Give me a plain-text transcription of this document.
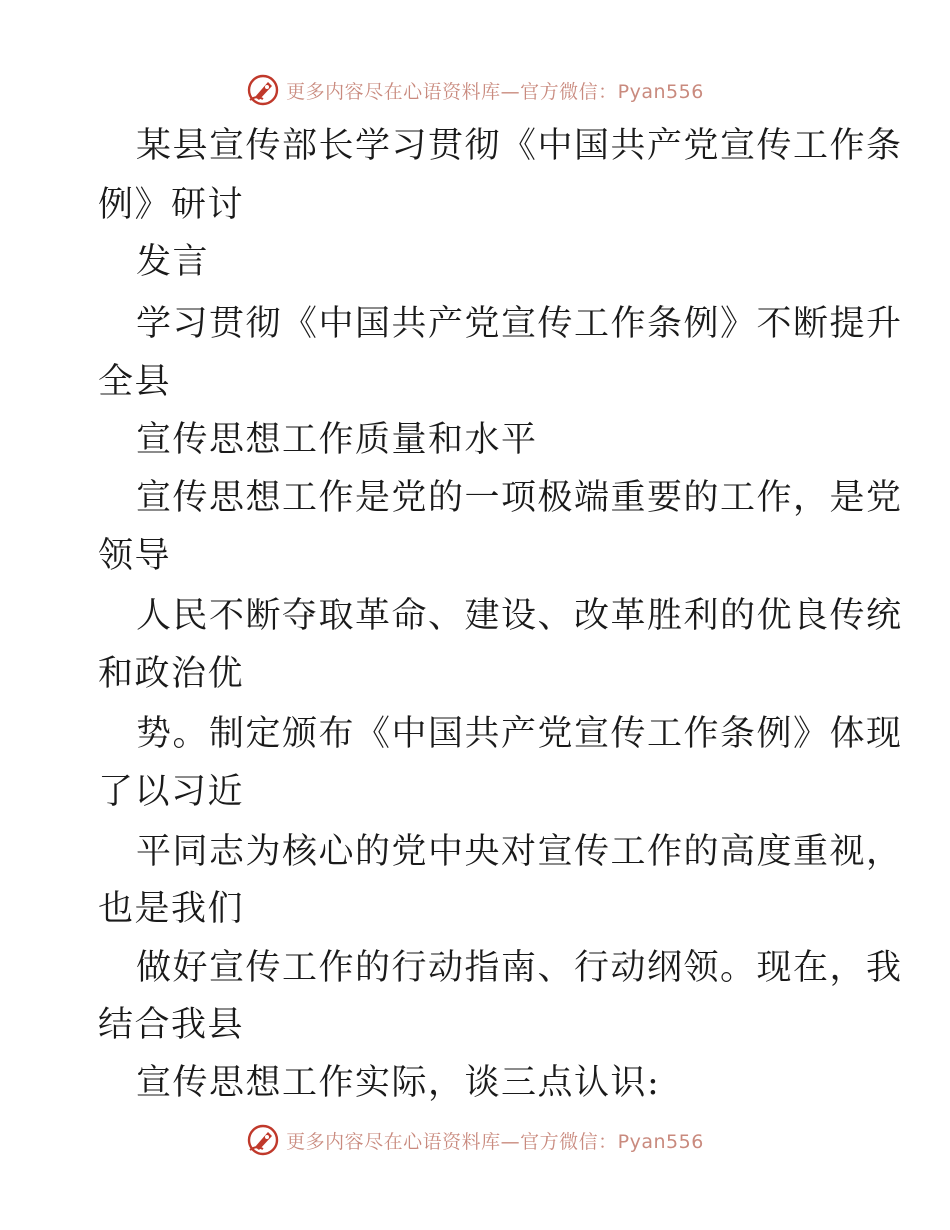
更多内容尽在心语资料库—官方微信：Pyan556
某县宣传部长学习贯彻《中国共产党宣传工作条
例》研讨
发言
学习贯彻《中国共产党宣传工作条例》不断提升
全县
宣传思想工作质量和水平
宣传思想工作是党的一项极端重要的工作，是党
领导
人民不断夺取革命、建设、改革胜利的优良传统
和政治优
势。制定颁布《中国共产党宣传工作条例》体现
了以习近
平同志为核心的党中央对宣传工作的高度重视，
也是我们
做好宣传工作的行动指南、行动纲领。现在，我
结合我县
宣传思想工作实际，谈三点认识:
更多内容尽在心语资料库—官方微信：Pyan556
